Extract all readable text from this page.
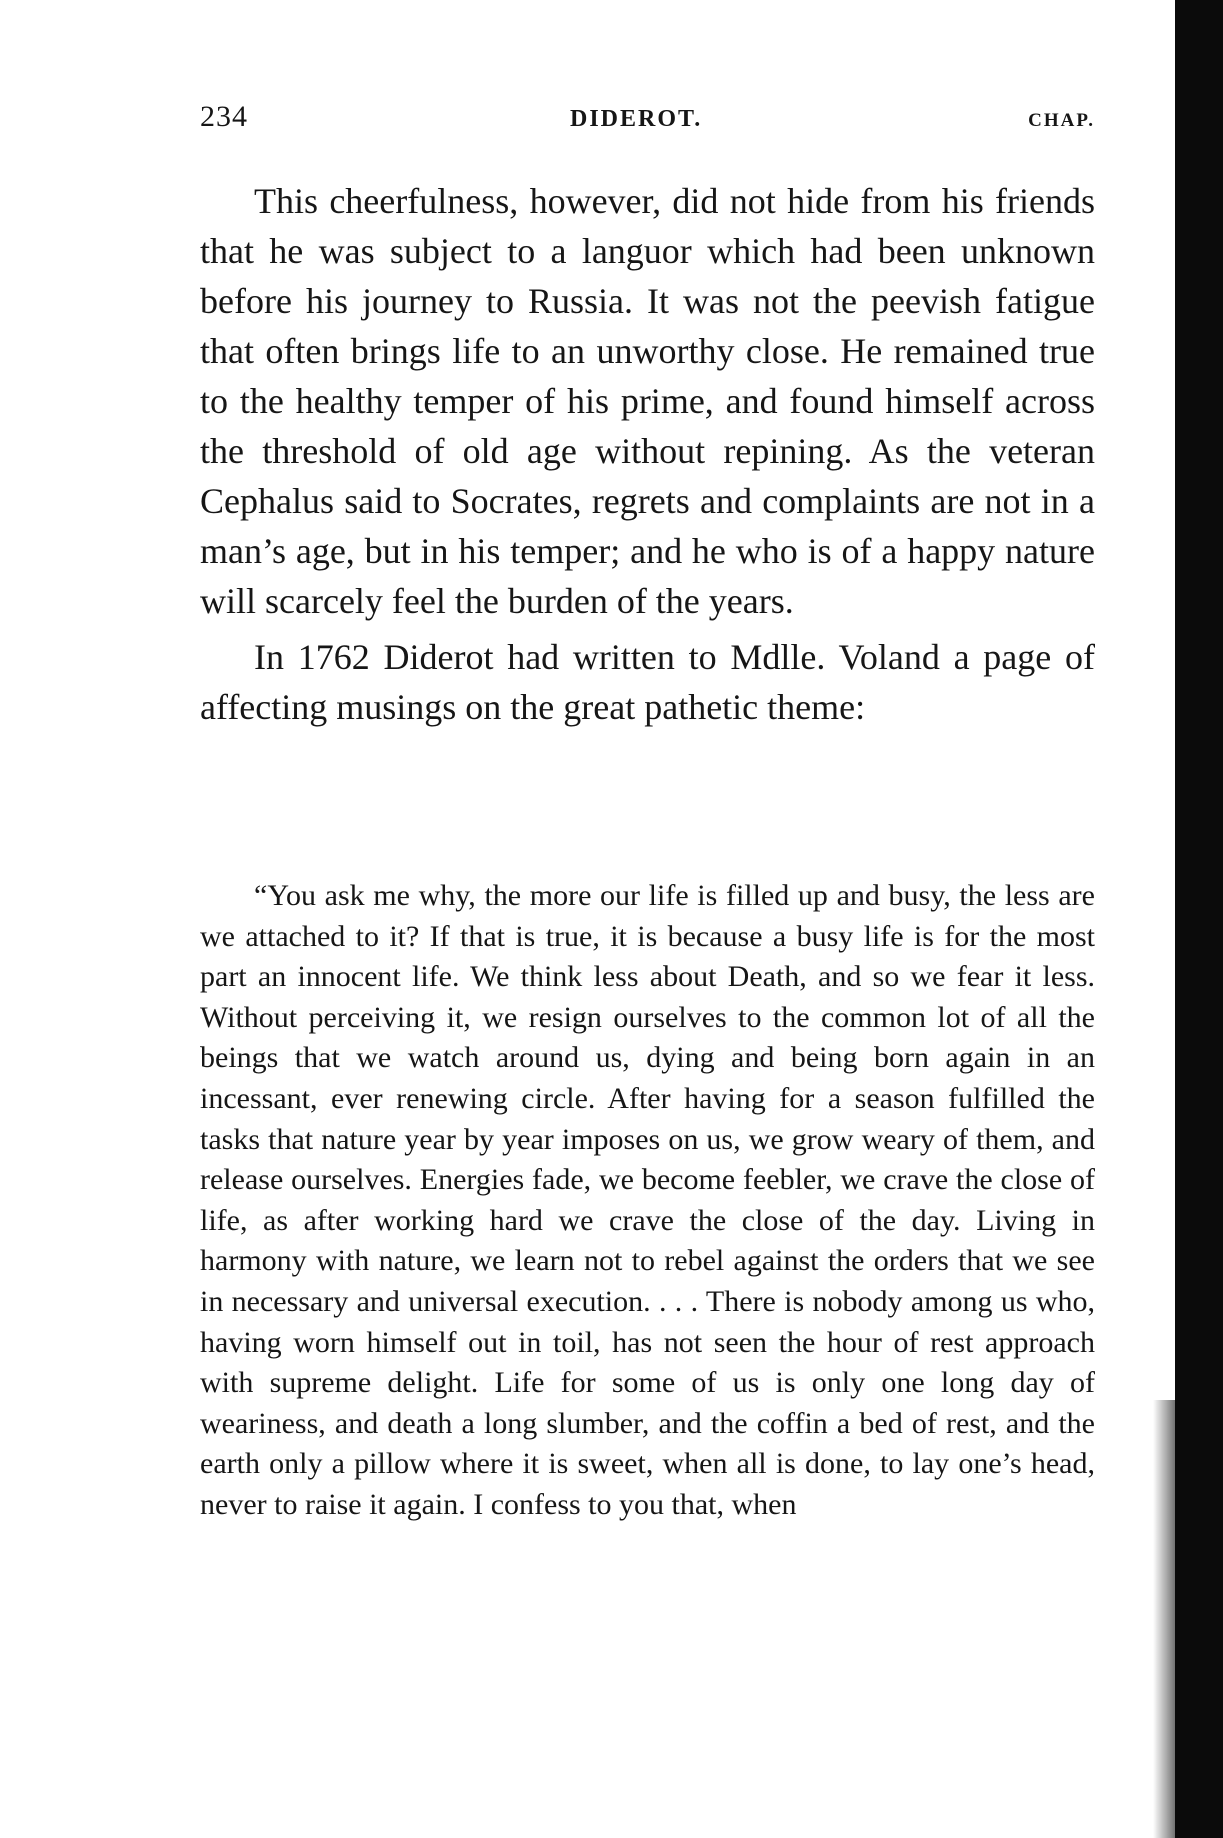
234	DIDEROT.	CHAP.

This cheerfulness, however, did not hide from his friends that he was subject to a languor which had been unknown before his journey to Russia. It was not the peevish fatigue that often brings life to an unworthy close. He remained true to the healthy temper of his prime, and found himself across the threshold of old age without repining. As the veteran Cephalus said to Socrates, regrets and complaints are not in a man’s age, but in his temper; and he who is of a happy nature will scarcely feel the burden of the years.

In 1762 Diderot had written to Mdlle. Voland a page of affecting musings on the great pathetic theme:

“You ask me why, the more our life is filled up and busy, the less are we attached to it? If that is true, it is because a busy life is for the most part an innocent life. We think less about Death, and so we fear it less. Without perceiving it, we resign ourselves to the common lot of all the beings that we watch around us, dying and being born again in an incessant, ever renewing circle. After having for a season fulfilled the tasks that nature year by year imposes on us, we grow weary of them, and release ourselves. Energies fade, we become feebler, we crave the close of life, as after working hard we crave the close of the day. Living in harmony with nature, we learn not to rebel against the orders that we see in necessary and universal execution. . . . There is nobody among us who, having worn himself out in toil, has not seen the hour of rest approach with supreme delight. Life for some of us is only one long day of weariness, and death a long slumber, and the coffin a bed of rest, and the earth only a pillow where it is sweet, when all is done, to lay one’s head, never to raise it again. I confess to you that, when
